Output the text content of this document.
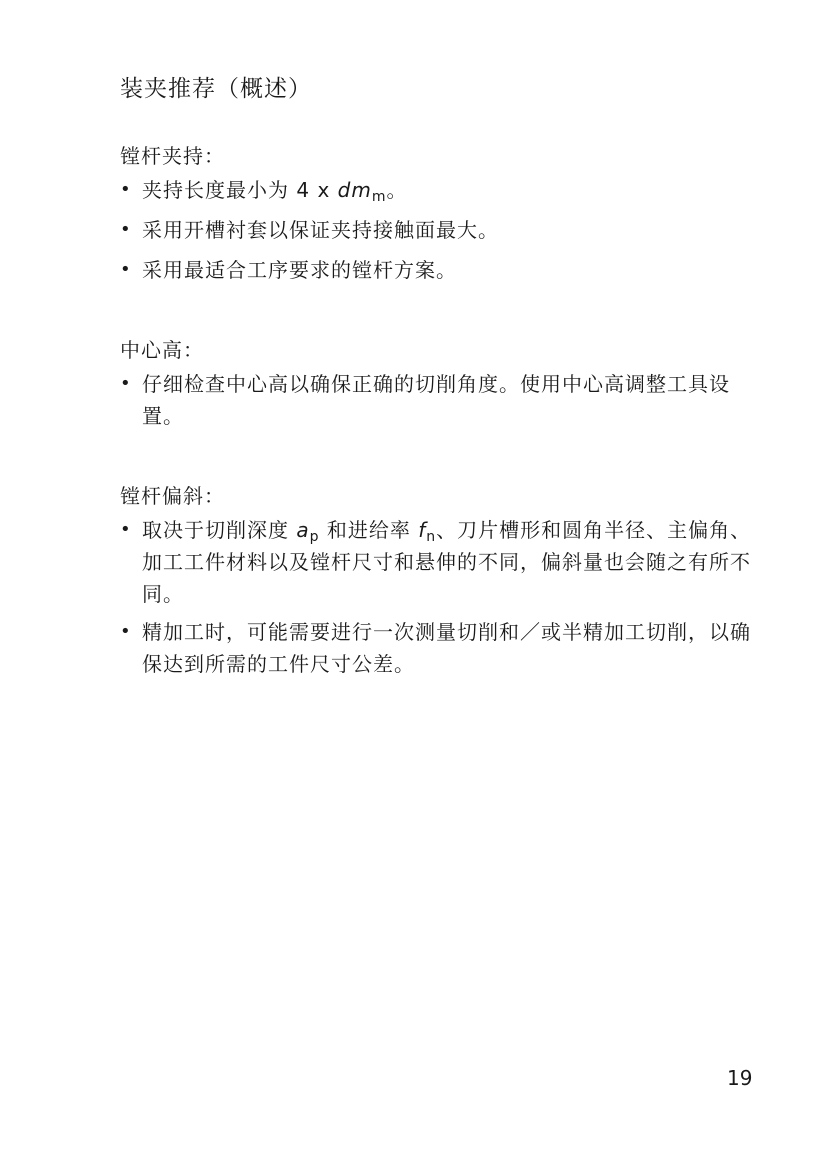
装夹推荐（概述）
镗杆夹持：
• 夹持长度最小为 4 x $dm_m$。
• 采用开槽衬套以保证夹持接触面最大。
• 采用最适合工序要求的镗杆方案。
中心高：
• 仔细检查中心高以确保正确的切削角度。使用中心高调整工具设置。
镗杆偏斜：
• 取决于切削深度 $a_p$ 和进给率 $f_n$、刀片槽形和圆角半径、主偏角、加工工件材料以及镗杆尺寸和悬伸的不同，偏斜量也会随之有所不同。
• 精加工时，可能需要进行一次测量切削和／或半精加工切削，以确保达到所需的工件尺寸公差。
19
